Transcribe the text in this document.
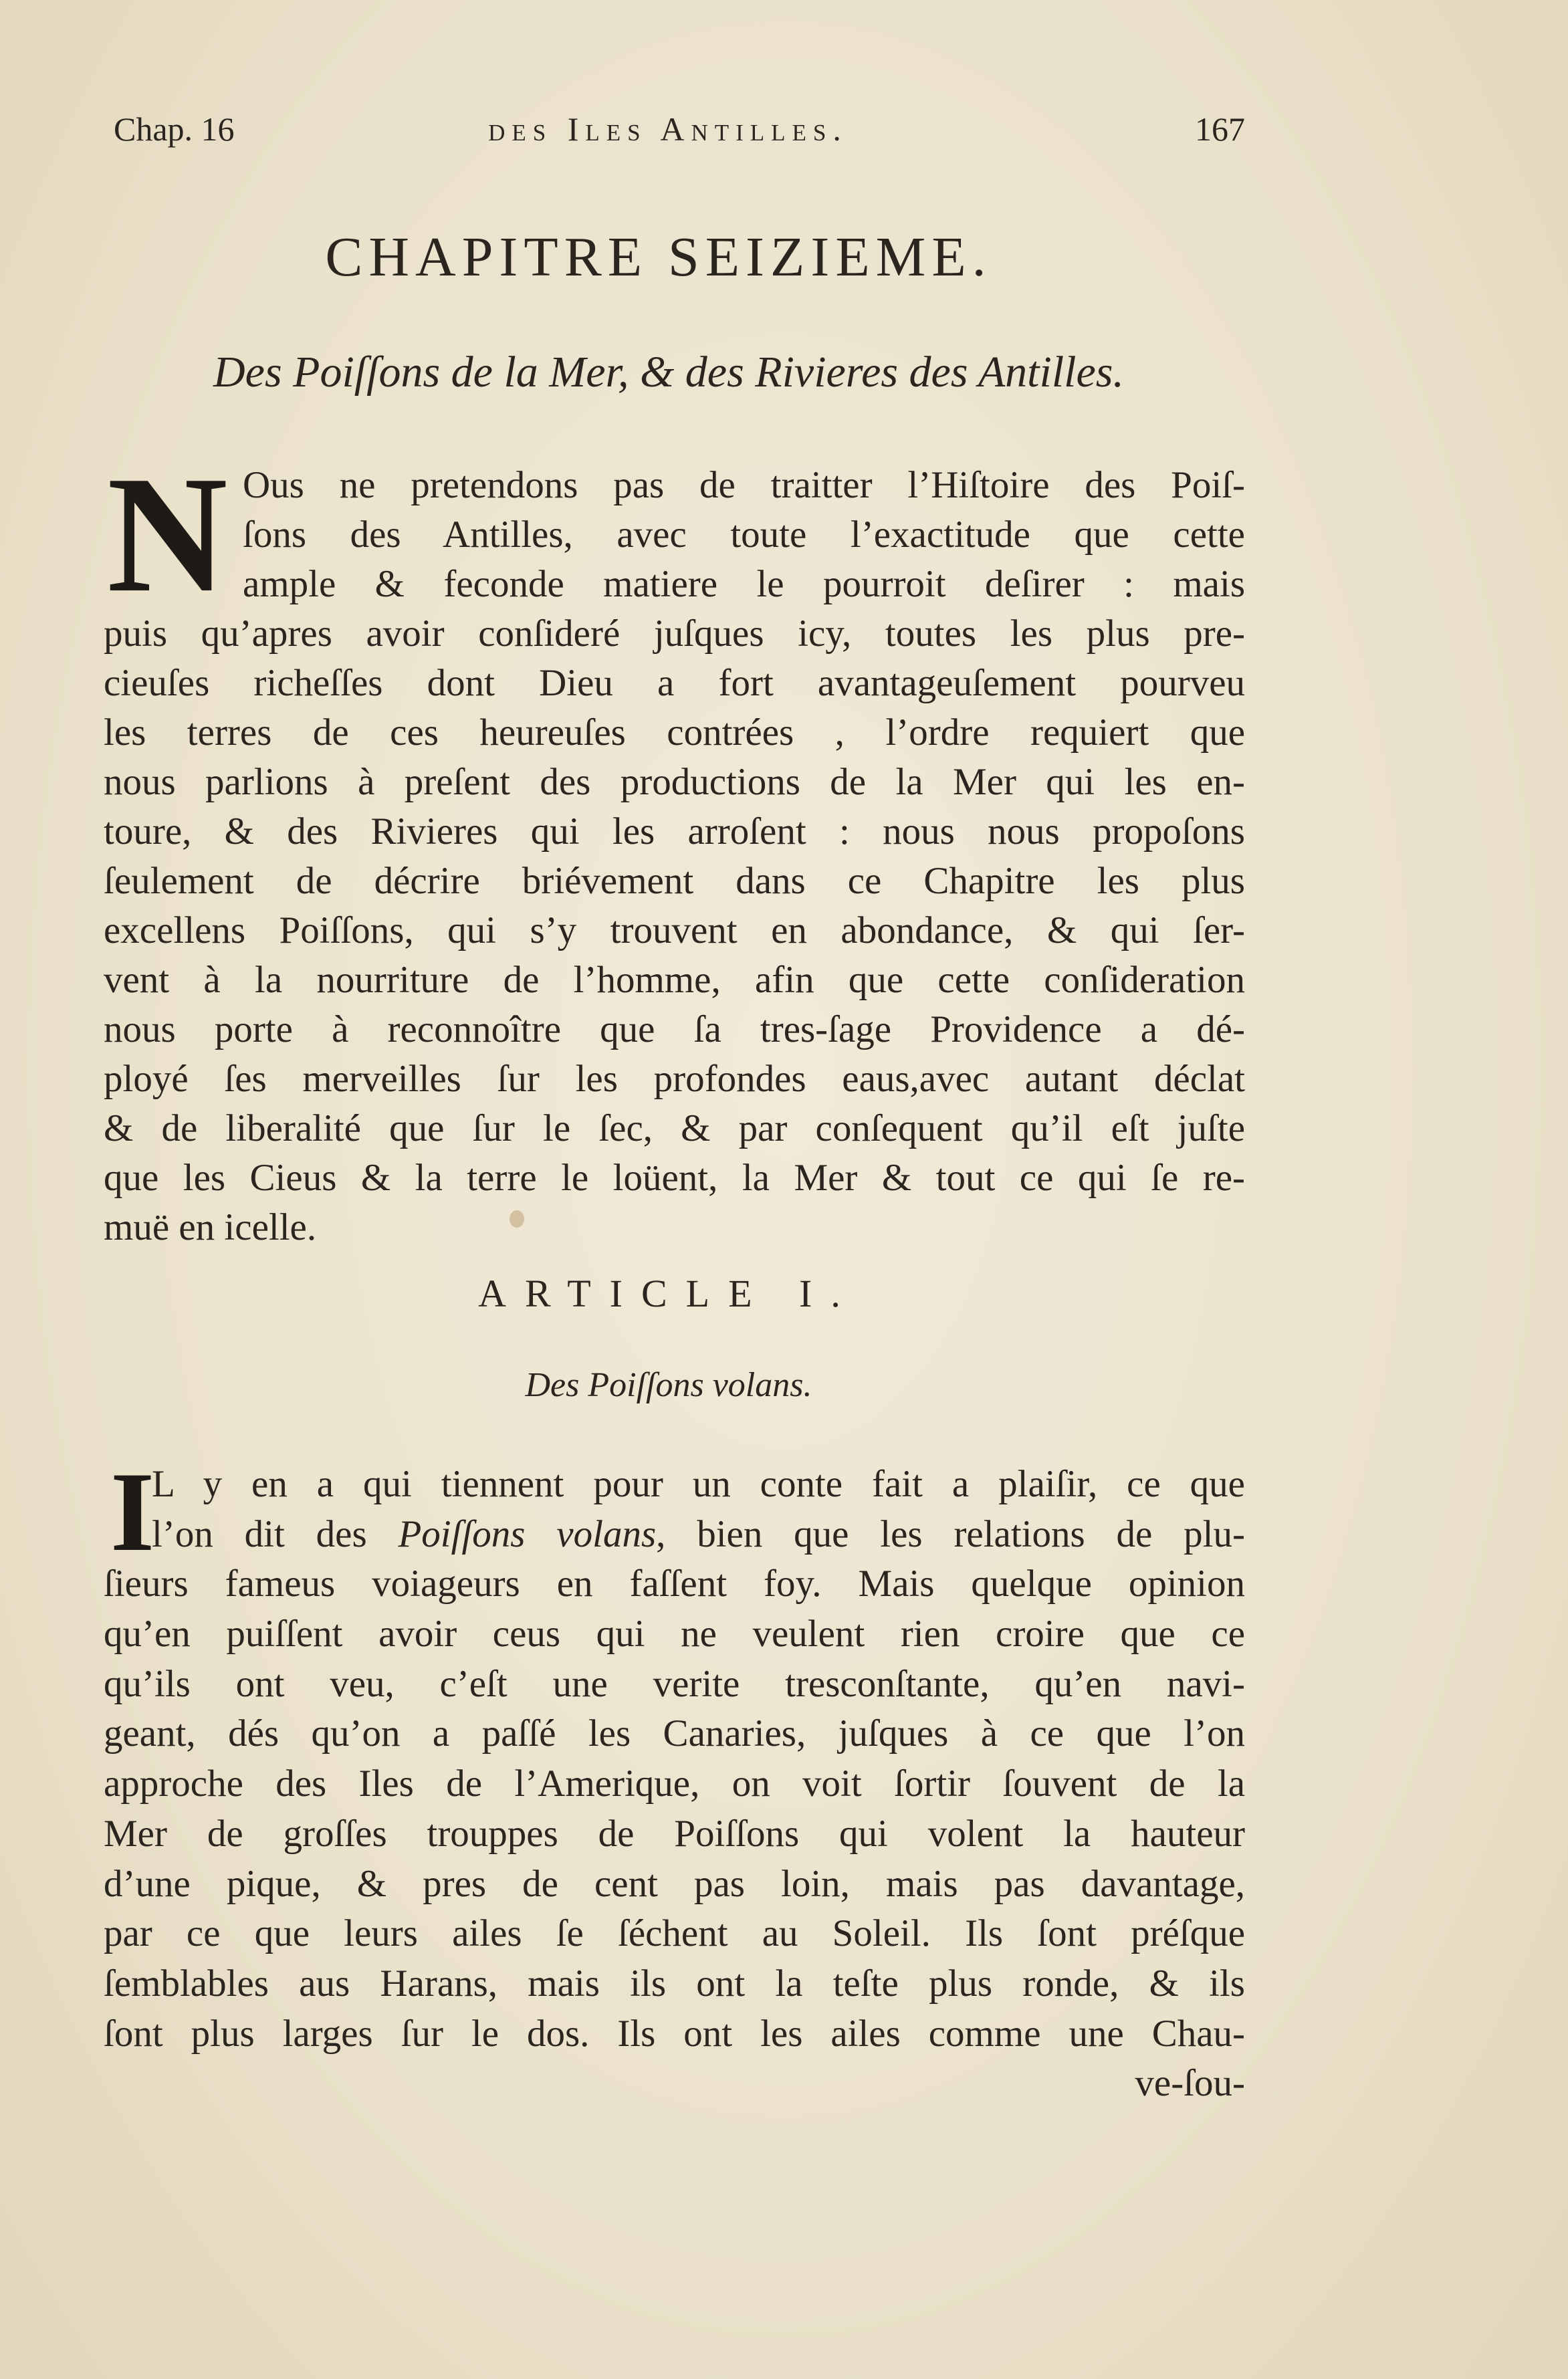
Chap. 16	des Iles Antilles.	167
CHAPITRE SEIZIEME.
Des Poiſſons de la Mer, & des Rivieres des Antilles.
N Ous ne pretendons pas de traitter l’Hiſtoire des Poiſ-
ſons des Antilles, avec toute l’exactitude que cette
ample & feconde matiere le pourroit deſirer : mais
puis qu’apres avoir conſideré juſques icy, toutes les plus pre-
cieuſes richeſſes dont Dieu a fort avantageuſement pourveu
les terres de ces heureuſes contrées , l’ordre requiert que
nous parlions à preſent des productions de la Mer qui les en-
toure, & des Rivieres qui les arroſent : nous nous propoſons
ſeulement de décrire briévement dans ce Chapitre les plus
excellens Poiſſons, qui s’y trouvent en abondance, & qui ſer-
vent à la nourriture de l’homme, afin que cette conſideration
nous porte à reconnoître que ſa tres-ſage Providence a dé-
ployé ſes merveilles ſur les profondes eaus,avec autant déclat
& de liberalité que ſur le ſec, & par conſequent qu’il eſt juſte
que les Cieus & la terre le loüent, la Mer & tout ce qui ſe re-
muë en icelle.
ARTICLE I.
Des Poiſſons volans.
I
L y en a qui tiennent pour un conte fait a plaiſir, ce que
l’on dit des Poiſſons volans, bien que les relations de plu-
ſieurs fameus voiageurs en faſſent foy. Mais quelque opinion
qu’en puiſſent avoir ceus qui ne veulent rien croire que ce
qu’ils ont veu, c’eſt une verite tresconſtante, qu’en navi-
geant, dés qu’on a paſſé les Canaries, juſques à ce que l’on
approche des Iles de l’Amerique, on voit ſortir ſouvent de la
Mer de groſſes trouppes de Poiſſons qui volent la hauteur
d’une pique, & pres de cent pas loin, mais pas davantage,
par ce que leurs ailes ſe ſéchent au Soleil. Ils ſont préſque
ſemblables aus Harans, mais ils ont la teſte plus ronde, & ils
ſont plus larges ſur le dos. Ils ont les ailes comme une Chau-
ve-ſou-
